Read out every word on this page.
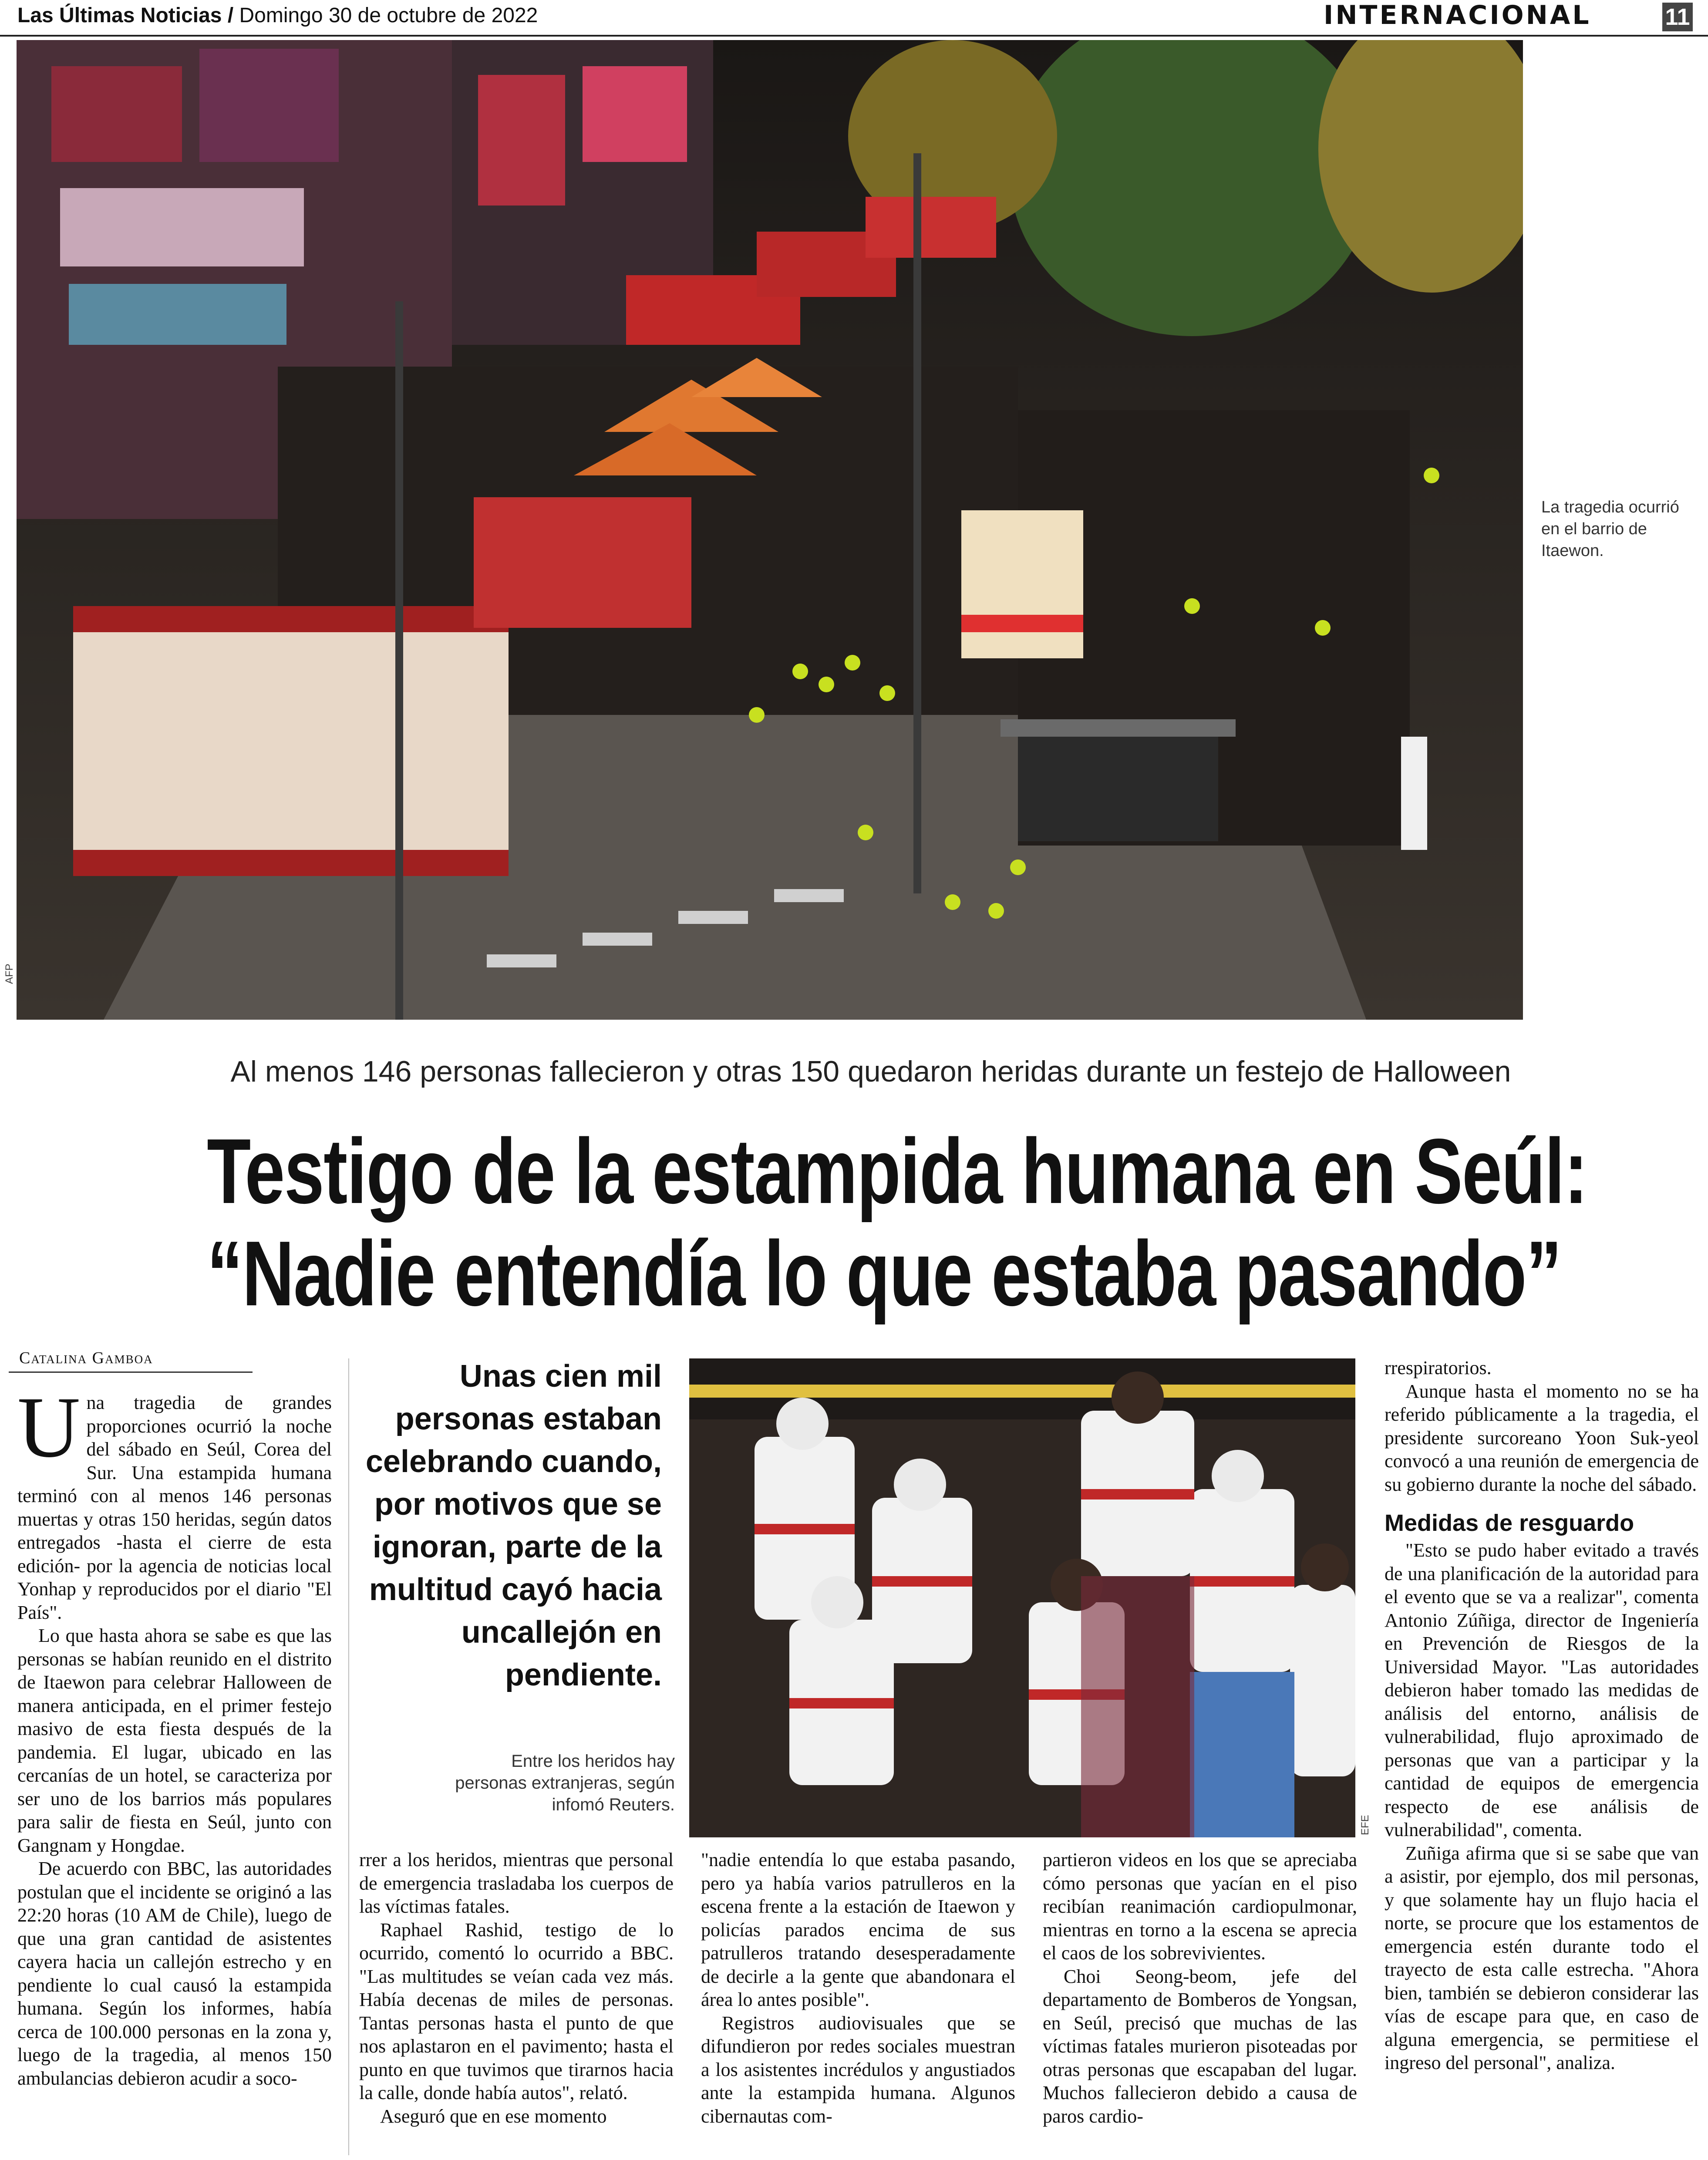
Las Últimas Noticias / Domingo 30 de octubre de 2022	INTERNACIONAL	11
La tragedia ocurrió en el barrio de Itaewon.
AFP
Al menos 146 personas fallecieron y otras 150 quedaron heridas durante un festejo de Halloween
Testigo de la estampida humana en Seúl:
“Nadie entendía lo que estaba pasando”
Catalina Gamboa

Una tragedia de grandes proporciones ocurrió la noche del sábado en Seúl, Corea del Sur. Una estampida humana terminó con al menos 146 personas muertas y otras 150 heridas, según datos entregados -hasta el cierre de esta edición- por la agencia de noticias local Yonhap y reproducidos por el diario "El País".

Lo que hasta ahora se sabe es que las personas se habían reunido en el distrito de Itaewon para celebrar Halloween de manera anticipada, en el primer festejo masivo de esta fiesta después de la pandemia. El lugar, ubicado en las cercanías de un hotel, se caracteriza por ser uno de los barrios más populares para salir de fiesta en Seúl, junto con Gangnam y Hongdae.

De acuerdo con BBC, las autoridades postulan que el incidente se originó a las 22:20 horas (10 AM de Chile), luego de que una gran cantidad de asistentes cayera hacia un callejón estrecho y en pendiente lo cual causó la estampida humana. Según los informes, había cerca de 100.000 personas en la zona y, luego de la tragedia, al menos 150 ambulancias debieron acudir a soco-

Unas cien mil personas estaban celebrando cuando, por motivos que se ignoran, parte de la multitud cayó hacia uncallejón en pendiente.
Entre los heridos hay personas extranjeras, según infomó Reuters.
EFE

rrer a los heridos, mientras que personal de emergencia trasladaba los cuerpos de las víctimas fatales.

Raphael Rashid, testigo de lo ocurrido, comentó lo ocurrido a BBC. "Las multitudes se veían cada vez más. Había decenas de miles de personas. Tantas personas hasta el punto de que nos aplastaron en el pavimento; hasta el punto en que tuvimos que tirarnos hacia la calle, donde había autos", relató.

Aseguró que en ese momento

"nadie entendía lo que estaba pasando, pero ya había varios patrulleros en la escena frente a la estación de Itaewon y policías parados encima de sus patrulleros tratando desesperadamente de decirle a la gente que abandonara el área lo antes posible".

Registros audiovisuales que se difundieron por redes sociales muestran a los asistentes incrédulos y angustiados ante la estampida humana. Algunos cibernautas com-

partieron videos en los que se apreciaba cómo personas que yacían en el piso recibían reanimación cardiopulmonar, mientras en torno a la escena se aprecia el caos de los sobrevivientes.

Choi Seong-beom, jefe del departamento de Bomberos de Yongsan, en Seúl, precisó que muchas de las víctimas fatales murieron pisoteadas por otras personas que escapaban del lugar. Muchos fallecieron debido a causa de paros cardio-

rrespiratorios.

Aunque hasta el momento no se ha referido públicamente a la tragedia, el presidente surcoreano Yoon Suk-yeol convocó a una reunión de emergencia de su gobierno durante la noche del sábado.

Medidas de resguardo

"Esto se pudo haber evitado a través de una planificación de la autoridad para el evento que se va a realizar", comenta Antonio Zúñiga, director de Ingeniería en Prevención de Riesgos de la Universidad Mayor. "Las autoridades debieron haber tomado las medidas de análisis del entorno, análisis de vulnerabilidad, flujo aproximado de personas que van a participar y la cantidad de equipos de emergencia respecto de ese análisis de vulnerabilidad", comenta.

Zuñiga afirma que si se sabe que van a asistir, por ejemplo, dos mil personas, y que solamente hay un flujo hacia el norte, se procure que los estamentos de emergencia estén durante todo el trayecto de esta calle estrecha. "Ahora bien, también se debieron considerar las vías de escape para que, en caso de alguna emergencia, se permitiese el ingreso del personal", analiza.
